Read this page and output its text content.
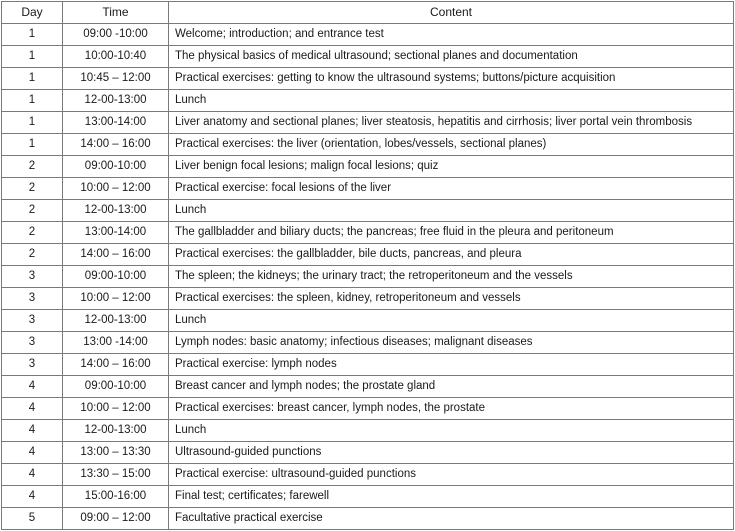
Day	Time	Content
1	09:00 -10:00	Welcome; introduction; and entrance test
1	10:00-10:40	The physical basics of medical ultrasound; sectional planes and documentation
1	10:45 – 12:00	Practical exercises: getting to know the ultrasound systems; buttons/picture acquisition
1	12-00-13:00	Lunch
1	13:00-14:00	Liver anatomy and sectional planes; liver steatosis, hepatitis and cirrhosis; liver portal vein thrombosis
1	14:00 – 16:00	Practical exercises: the liver (orientation, lobes/vessels, sectional planes)
2	09:00-10:00	Liver benign focal lesions; malign focal lesions; quiz
2	10:00 – 12:00	Practical exercise: focal lesions of the liver
2	12-00-13:00	Lunch
2	13:00-14:00	The gallbladder and biliary ducts; the pancreas; free fluid in the pleura and peritoneum
2	14:00 – 16:00	Practical exercises: the gallbladder, bile ducts, pancreas, and pleura
3	09:00-10:00	The spleen; the kidneys; the urinary tract; the retroperitoneum and the vessels
3	10:00 – 12:00	Practical exercises: the spleen, kidney, retroperitoneum and vessels
3	12-00-13:00	Lunch
3	13:00 -14:00	Lymph nodes: basic anatomy; infectious diseases; malignant diseases
3	14:00 – 16:00	Practical exercise: lymph nodes
4	09:00-10:00	Breast cancer and lymph nodes; the prostate gland
4	10:00 – 12:00	Practical exercises: breast cancer, lymph nodes, the prostate
4	12-00-13:00	Lunch
4	13:00 – 13:30	Ultrasound-guided punctions
4	13:30 – 15:00	Practical exercise: ultrasound-guided punctions
4	15:00-16:00	Final test; certificates; farewell
5	09:00 – 12:00	Facultative practical exercise
